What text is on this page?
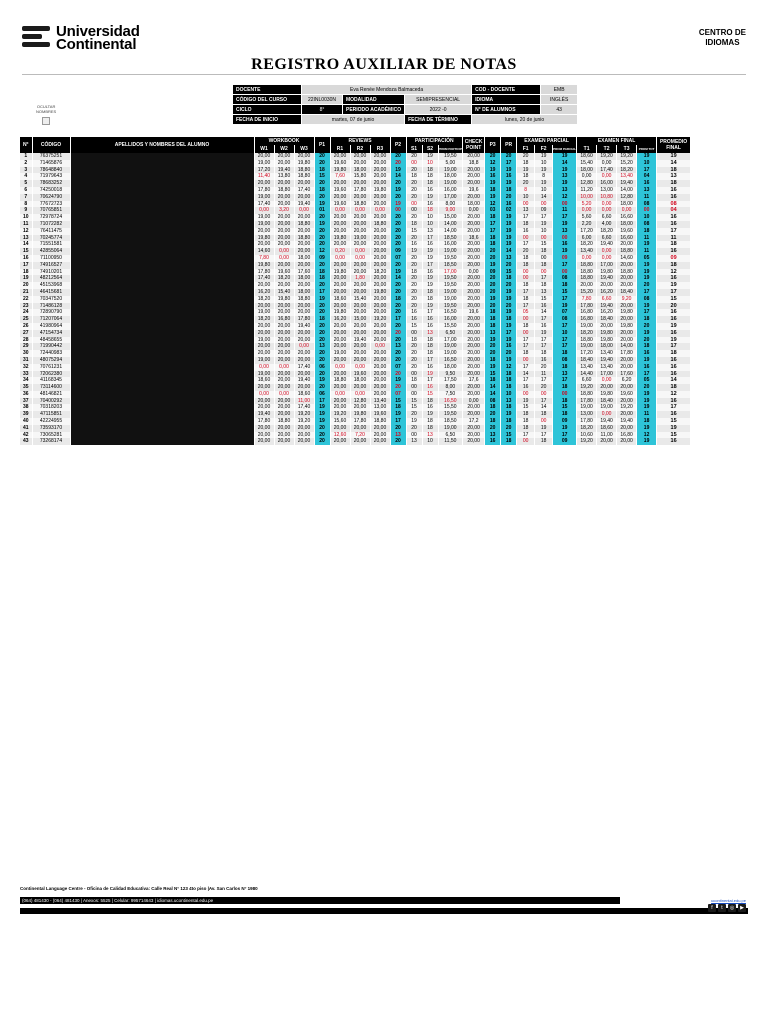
Universidad
Continental
CENTRO DE
IDIOMAS
REGISTRO AUXILIAR DE NOTAS
OCULTAR
NOMBRES
DOCENTE	Eva Renée Mendoza Balmaceda			COD - DOCENTE	EMB
CÓDIGO DEL CURSO	22INL0030N	MODALIDAD	SEMIPRESENCIAL	IDIOMA	INGLÉS
CICLO	8°	PERIODO ACADÉMICO	2022 -0	N° DE ALUMNOS	43
FECHA DE INICIO	martes, 07 de junio		FECHA DE TÉRMINO	lunes, 20 de junio	
N°	CÓDIGO	APELLIDOS Y NOMBRES DEL ALUMNO	WORKBOOK			P1	REVIEWS			P2	PARTICIPACIÓN			CHECK POINT	P3	PR	EXAMEN PARCIAL			EXAMEN FINAL				PROMEDIO FINAL
			W1	W2	W3		R1	R2	R3		S1	S2	PROM PARTICIP				F1	F2	PROM PARCIAL	T1	T2	T3	PROM TOT	
1	76375251		20,00	20,00	20,00	20	20,00	20,00	20,00	20	20	19	19,50	20,00	20	20	20	19	19	18,60	19,20	19,20	19	19
2	71465876		19,00	20,00	19,80	20	19,60	20,00	20,00	20	00	10	5,00	18,8	12	17	18	10	14	15,40	0,00	15,20	10	14
3	78648840		17,20	19,40	18,80	18	19,80	18,00	20,00	19	20	18	19,00	20,00	19	19	19	19	19	18,00	17,40	18,20	17	18
4	71979643		11,40	13,80	18,80	15	7,60	15,80	20,00	14	18	18	18,00	20,00	16	16	18	8	13	0,00	0,00	13,40	04	13
5	78683252		20,00	20,00	20,00	20	20,00	20,00	20,00	20	20	18	19,00	20,00	19	19	20	19	19	12,80	16,00	19,40	16	18
6	74250018		17,80	18,80	17,40	18	19,60	17,80	19,80	19	20	16	16,00	19,6	18	18	8	10	13	11,20	13,00	14,00	13	16
7	70624790		19,00	20,00	20,00	20	20,00	20,00	20,00	20	20	19	17,00	20,00	19	20	10	14	12	10,00	10,80	12,80	11	16
8	77672723		17,40	20,00	19,40	19	19,60	18,80	20,00	19	00	16	8,00	18,00	12	16	00	00	00	5,20	0,00	18,00	08	08
9	70765851		0,00	3,20	0,00	01	0,00	0,00	0,00	00	00	18	9,00	0,00	03	02	13	09	11	0,00	0,00	0,00	00	04
10	72978724		19,00	20,00	20,00	20	20,00	20,00	20,00	20	20	10	15,00	20,00	18	19	17	17	17	5,60	6,60	16,60	10	16
11	71072282		19,00	20,00	18,80	19	20,00	20,00	18,80	20	18	10	14,00	20,00	17	19	18	19	19	2,20	4,00	18,00	08	16
12	76411475		20,00	20,00	20,00	20	20,00	20,00	20,00	20	15	13	14,00	20,00	17	19	16	10	13	17,20	18,20	19,60	18	17
13	70245774		19,80	20,00	18,80	20	19,80	19,00	20,00	20	20	17	18,50	18,6	18	19	00	00	00	6,00	6,60	16,60	11	11
14	71551581		20,00	20,00	20,00	20	20,00	20,00	20,00	20	16	16	16,00	20,00	18	19	17	15	16	18,20	19,40	20,00	19	18
15	42855064		14,60	0,00	20,00	12	0,20	0,00	20,00	09	19	19	19,00	20,00	20	14	20	18	19	13,40	0,00	18,80	11	16
16	71100950		7,80	0,00	18,00	09	0,00	0,00	20,00	07	20	19	19,50	20,00	20	13	18	00	09	0,00	0,00	14,60	05	09
17	74916527		19,80	20,00	20,00	20	20,00	20,00	20,00	20	20	17	18,50	20,00	19	20	18	18	17	18,80	17,00	20,00	19	18
18	74910201		17,80	19,60	17,60	18	19,80	20,00	18,20	19	18	16	17,00	0,00	09	15	00	00	00	18,80	19,80	18,80	19	12
19	48212564		17,40	18,20	18,00	18	20,00	1,80	20,00	14	20	19	19,50	20,00	20	18	00	17	08	18,80	19,40	20,00	19	16
20	45153968		20,00	20,00	20,00	20	20,00	20,00	20,00	20	20	19	19,50	20,00	20	20	18	18	18	20,00	20,00	20,00	20	19
21	46415681		16,20	15,40	18,00	17	20,00	20,00	19,80	20	20	18	19,00	20,00	20	19	17	13	15	15,20	16,20	18,40	17	17
22	70347520		18,20	19,80	18,80	19	18,60	15,40	20,00	18	20	18	19,00	20,00	19	19	18	15	17	7,80	6,60	9,20	08	15
23	71486128		20,00	20,00	20,00	20	20,00	20,00	20,00	20	20	19	19,50	20,00	20	20	17	16	19	17,80	19,40	20,00	19	20
24	72890790		19,00	20,00	20,00	20	19,80	20,00	20,00	20	16	17	16,50	19,6	18	19	05	14	07	16,80	16,20	19,80	17	16
25	71207064		18,20	16,80	17,80	18	16,20	15,00	19,20	17	16	16	16,00	20,00	18	18	00	17	08	16,80	18,40	20,00	18	16
26	41980964		20,00	20,00	19,40	20	20,00	20,00	20,00	20	15	16	15,50	20,00	18	19	18	16	17	19,00	20,00	19,80	20	19
27	47154734		20,00	20,00	20,00	20	20,00	20,00	20,00	20	00	13	6,50	20,00	13	17	00	19	10	18,20	19,80	20,00	19	16
28	48458655		19,00	20,00	20,00	20	20,00	19,40	20,00	20	18	18	17,00	20,00	19	19	17	17	17	18,80	19,80	20,00	20	19
29	71990442		20,00	20,00	0,00	13	20,00	20,00	0,00	13	20	18	19,00	20,00	20	16	17	17	17	19,00	18,00	14,00	18	17
30	72440983		20,00	20,00	20,00	20	19,00	20,00	20,00	20	20	18	19,00	20,00	20	20	18	18	18	17,20	13,40	17,80	16	18
31	48075294		19,00	20,00	20,00	20	20,00	20,00	20,00	20	20	17	16,50	20,00	18	19	00	16	08	18,40	19,40	20,00	19	16
32	70761231		0,00	0,00	17,40	06	0,00	0,00	20,00	07	20	16	18,00	20,00	19	12	17	20	18	13,40	13,40	20,00	16	16
33	72062380		19,00	20,00	20,00	20	20,00	19,60	20,00	20	00	19	9,50	20,00	15	18	14	11	13	14,40	17,00	17,60	17	16
34	41168345		18,60	20,00	19,40	19	18,80	18,00	20,00	19	18	17	17,50	17,6	18	18	17	17	17	6,60	0,00	6,20	05	14
35	73114600		20,00	20,00	20,00	20	20,00	20,00	20,00	20	00	16	8,00	20,00	14	18	16	20	18	19,20	20,00	20,00	20	18
36	48146821		0,00	0,00	18,60	06	0,00	0,00	20,00	07	00	15	7,50	20,00	14	10	00	00	00	18,80	19,80	19,60	19	12
37	70400292		20,00	20,00	11,00	17	20,00	12,80	13,40	15	15	18	16,50	0,00	08	13	19	17	18	17,80	18,40	20,00	19	16
38	70318203		20,00	20,00	17,40	19	20,00	20,00	13,00	18	15	16	15,50	20,00	18	18	15	14	15	19,00	19,00	19,20	19	17
39	47115851		19,40	20,00	19,20	19	19,20	19,80	19,60	19	20	19	19,50	20,00	20	19	18	18	18	13,00	0,00	20,00	11	16
40	42224955		17,80	18,80	19,20	19	15,60	17,80	18,80	17	19	18	18,50	17,2	18	18	18	00	09	17,80	19,40	19,40	18	15
41	73593170		20,00	20,00	20,00	20	20,00	20,00	20,00	20	20	18	19,00	20,00	20	20	18	19	19	18,20	18,60	20,00	19	19
42	73065281		20,00	20,00	20,00	20	12,60	7,20	20,00	13	00	13	6,50	20,00	13	15	17	17	17	10,60	11,00	16,80	12	15
43	73268174		20,00	20,00	20,00	20	20,00	20,00	20,00	20	13	10	11,50	20,00	16	18	00	18	09	19,20	20,00	20,00	19	16
Continental Language Centre - Oficina de Calidad Educativa: Calle Real N° 123 4to piso |Av. San Carlos N° 1980
(064) 481430 - (064) 481430 | Anexos: 5525 | Celular: 995714643 | idiomas.ucontinental.edu.pe	ucontinental.edu.pe
f	t	◎	▶
